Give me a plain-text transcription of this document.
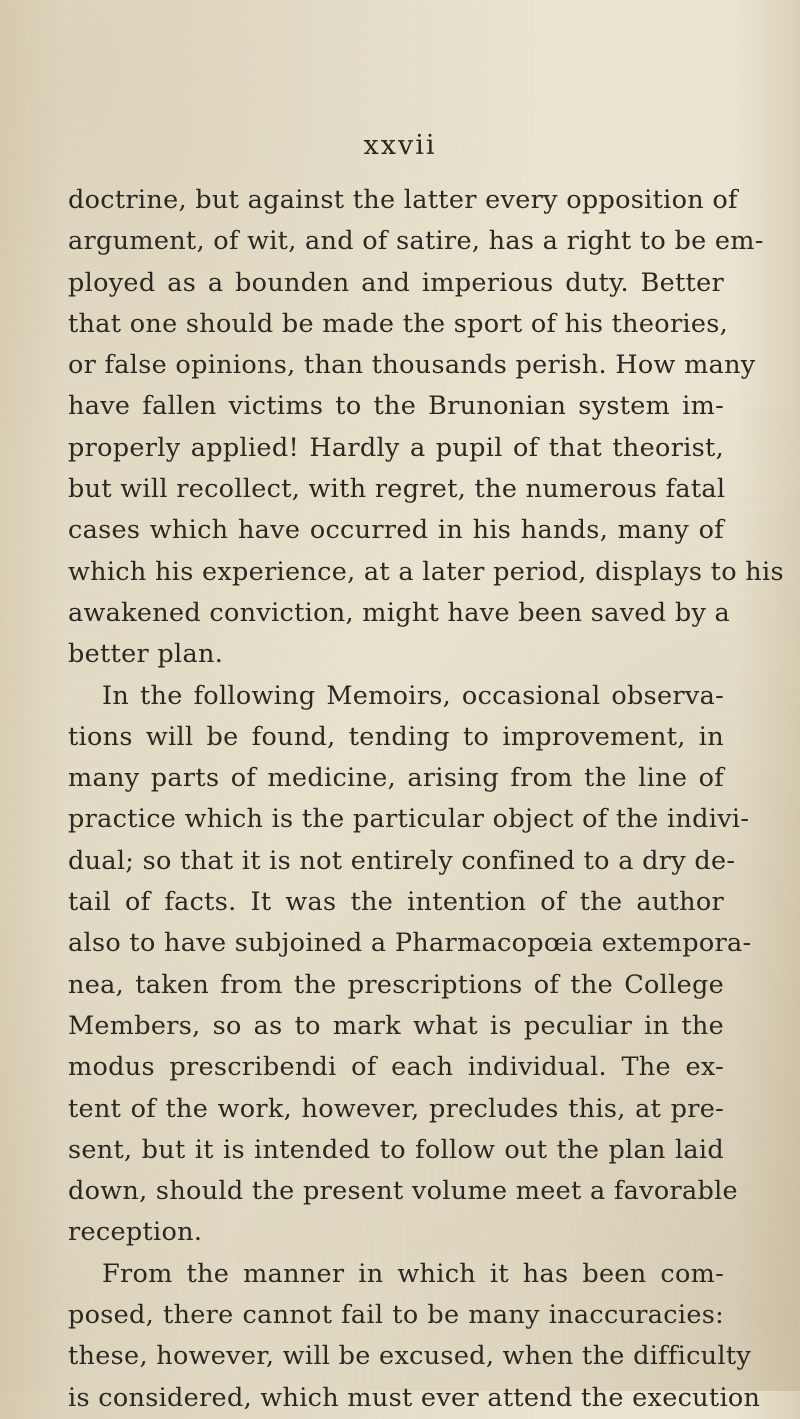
xxvii
doctrine, but against the latter every opposition of
argument, of wit, and of satire, has a right to be em-
ployed as a bounden and imperious duty. Better
that one should be made the sport of his theories,
or false opinions, than thousands perish. How many
have fallen victims to the Brunonian system im-
properly applied! Hardly a pupil of that theorist,
but will recollect, with regret, the numerous fatal
cases which have occurred in his hands, many of
which his experience, at a later period, displays to his
awakened conviction, might have been saved by a
better plan.
In the following Memoirs, occasional observa-
tions will be found, tending to improvement, in
many parts of medicine, arising from the line of
practice which is the particular object of the indivi-
dual; so that it is not entirely confined to a dry de-
tail of facts. It was the intention of the author
also to have subjoined a Pharmacopœia extempora-
nea, taken from the prescriptions of the College
Members, so as to mark what is peculiar in the
modus prescribendi of each individual. The ex-
tent of the work, however, precludes this, at pre-
sent, but it is intended to follow out the plan laid
down, should the present volume meet a favorable
reception.
From the manner in which it has been com-
posed, there cannot fail to be many inaccuracies:
these, however, will be excused, when the difficulty
is considered, which must ever attend the execution
